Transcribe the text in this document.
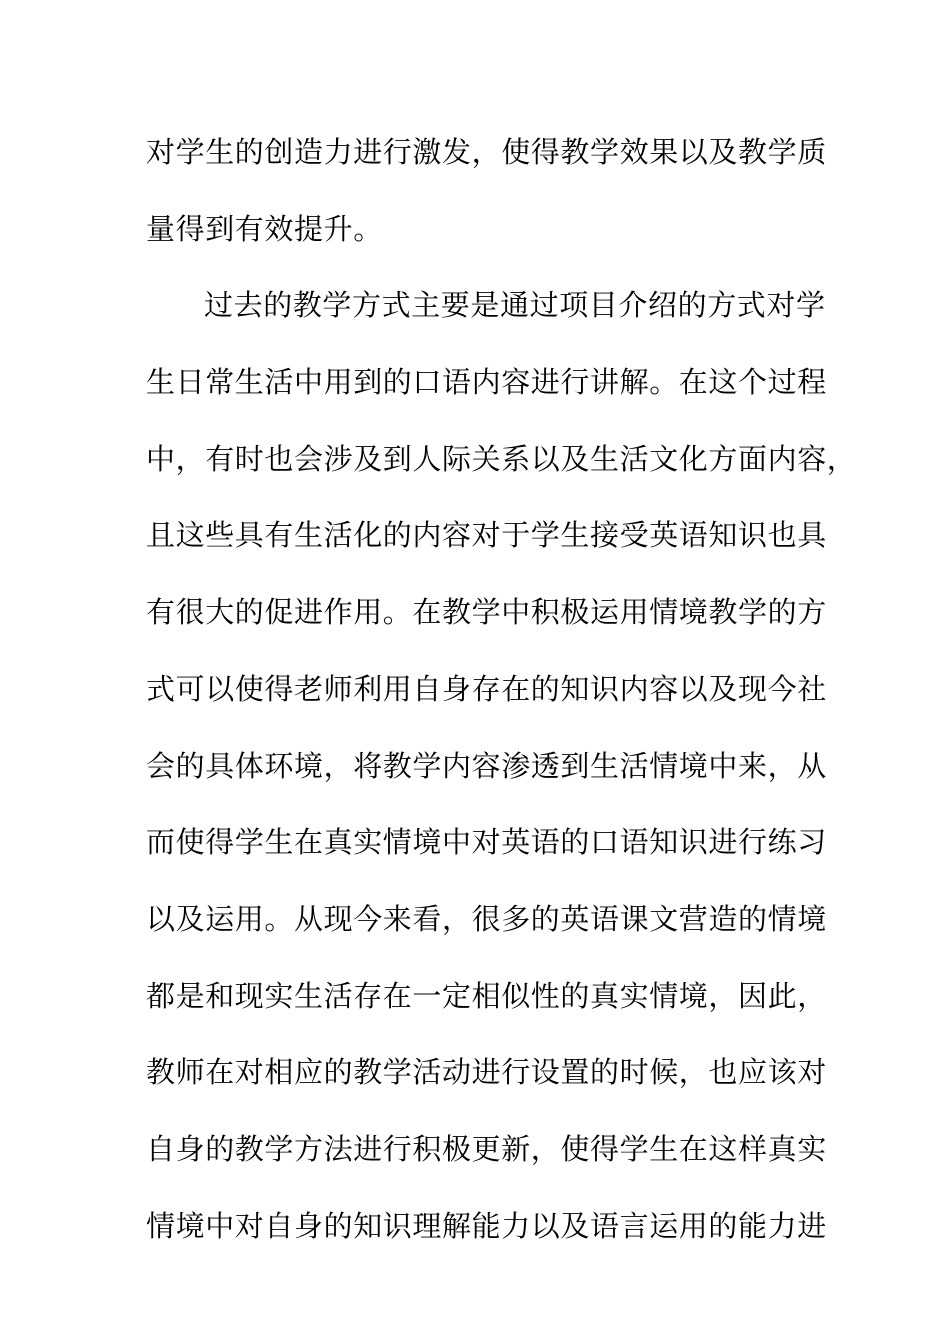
对学生的创造力进行激发，使得教学效果以及教学质

量得到有效提升。

过去的教学方式主要是通过项目介绍的方式对学

生日常生活中用到的口语内容进行讲解。在这个过程

中，有时也会涉及到人际关系以及生活文化方面内容，

且这些具有生活化的内容对于学生接受英语知识也具

有很大的促进作用。在教学中积极运用情境教学的方

式可以使得老师利用自身存在的知识内容以及现今社

会的具体环境，将教学内容渗透到生活情境中来，从

而使得学生在真实情境中对英语的口语知识进行练习

以及运用。从现今来看，很多的英语课文营造的情境

都是和现实生活存在一定相似性的真实情境，因此，

教师在对相应的教学活动进行设置的时候，也应该对

自身的教学方法进行积极更新，使得学生在这样真实

情境中对自身的知识理解能力以及语言运用的能力进
